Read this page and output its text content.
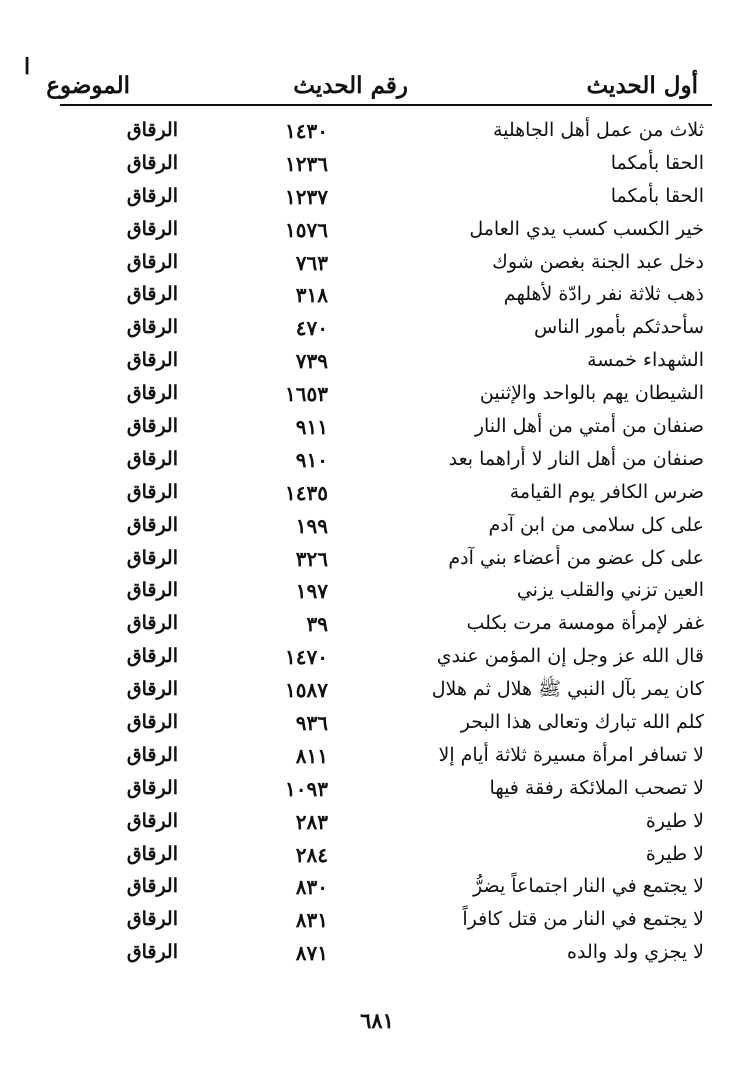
ا
أول الحديث
رقم الحديث
الموضوع
ثلاث من عمل أهل الجاهلية
١٤٣٠
الرقاق
الحقا بأمكما
١٢٣٦
الرقاق
الحقا بأمكما
١٢٣٧
الرقاق
خير الكسب كسب يدي العامل
١٥٧٦
الرقاق
دخل عبد الجنة بغصن شوك
٧٦٣
الرقاق
ذهب ثلاثة نفر رادّة لأهلهم
٣١٨
الرقاق
سأحدثكم بأمور الناس
٤٧٠
الرقاق
الشهداء خمسة
٧٣٩
الرقاق
الشيطان يهم بالواحد والإثنين
١٦٥٣
الرقاق
صنفان من أمتي من أهل النار
٩١١
الرقاق
صنفان من أهل النار لا أراهما بعد
٩١٠
الرقاق
ضرس الكافر يوم القيامة
١٤٣٥
الرقاق
على كل سلامى من ابن آدم
١٩٩
الرقاق
على كل عضو من أعضاء بني آدم
٣٢٦
الرقاق
العين تزني والقلب يزني
١٩٧
الرقاق
غفر لإمرأة مومسة مرت بكلب
٣٩
الرقاق
قال الله عز وجل إن المؤمن عندي
١٤٧٠
الرقاق
كان يمر بآل النبي ﷺ هلال ثم هلال
١٥٨٧
الرقاق
كلم الله تبارك وتعالى هذا البحر
٩٣٦
الرقاق
لا تسافر امرأة مسيرة ثلاثة أيام إلا
٨١١
الرقاق
لا تصحب الملائكة رفقة فيها
١٠٩٣
الرقاق
لا طيرة
٢٨٣
الرقاق
لا طيرة
٢٨٤
الرقاق
لا يجتمع في النار اجتماعاً يضرُّ
٨٣٠
الرقاق
لا يجتمع في النار من قتل كافراً
٨٣١
الرقاق
لا يجزي ولد والده
٨٧١
الرقاق
٦٨١
